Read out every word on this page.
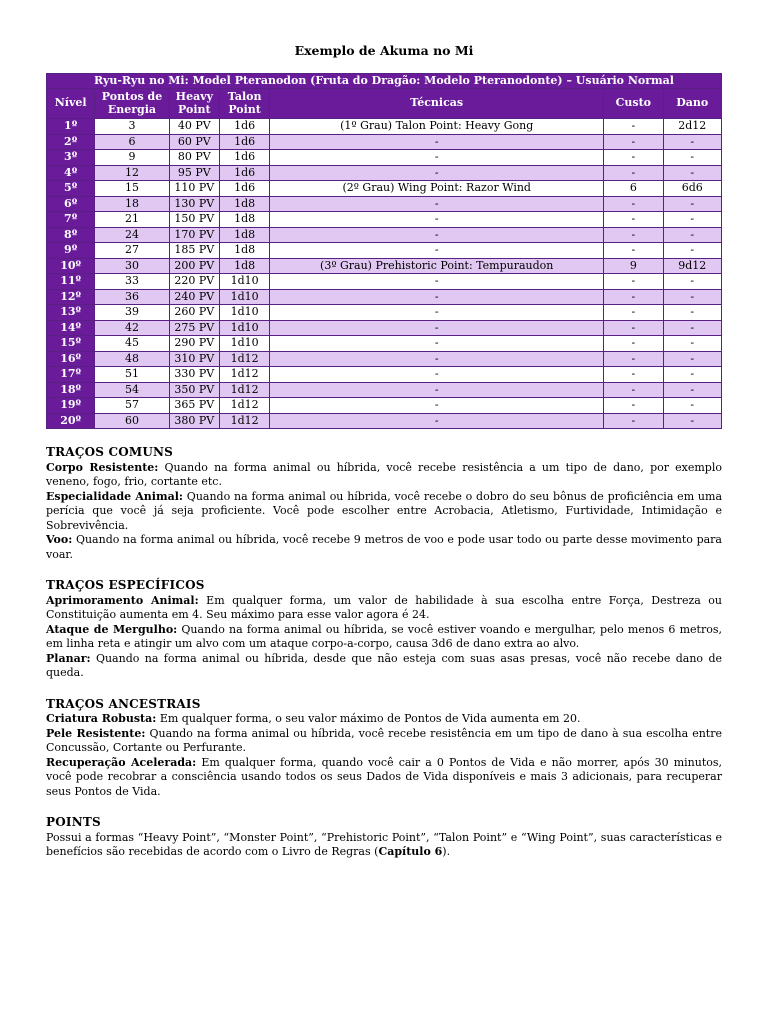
Exemplo de Akuma no Mi
Ryu-Ryu no Mi: Model Pteranodon (Fruta do Dragão: Modelo Pteranodonte) – Usuário Normal						
Nível	Pontos de Energia	Heavy Point	Talon Point	Técnicas	Custo	Dano
1º	3	40 PV	1d6	(1º Grau) Talon Point: Heavy Gong	-	2d12
2º	6	60 PV	1d6	-	-	-
3º	9	80 PV	1d6	-	-	-
4º	12	95 PV	1d6	-	-	-
5º	15	110 PV	1d6	(2º Grau) Wing Point: Razor Wind	6	6d6
6º	18	130 PV	1d8	-	-	-
7º	21	150 PV	1d8	-	-	-
8º	24	170 PV	1d8	-	-	-
9º	27	185 PV	1d8	-	-	-
10º	30	200 PV	1d8	(3º Grau) Prehistoric Point: Tempuraudon	9	9d12
11º	33	220 PV	1d10	-	-	-
12º	36	240 PV	1d10	-	-	-
13º	39	260 PV	1d10	-	-	-
14º	42	275 PV	1d10	-	-	-
15º	45	290 PV	1d10	-	-	-
16º	48	310 PV	1d12	-	-	-
17º	51	330 PV	1d12	-	-	-
18º	54	350 PV	1d12	-	-	-
19º	57	365 PV	1d12	-	-	-
20º	60	380 PV	1d12	-	-	-
TRAÇOS COMUNS

Corpo Resistente: Quando na forma animal ou híbrida, você recebe resistência a um tipo de dano, por exemplo veneno, fogo, frio, cortante etc.

Especialidade Animal: Quando na forma animal ou híbrida, você recebe o dobro do seu bônus de proficiência em uma perícia que você já seja proficiente. Você pode escolher entre Acrobacia, Atletismo, Furtividade, Intimidação e Sobrevivência.

Voo: Quando na forma animal ou híbrida, você recebe 9 metros de voo e pode usar todo ou parte desse movimento para voar.

TRAÇOS ESPECÍFICOS

Aprimoramento Animal: Em qualquer forma, um valor de habilidade à sua escolha entre Força, Destreza ou Constituição aumenta em 4. Seu máximo para esse valor agora é 24.

Ataque de Mergulho: Quando na forma animal ou híbrida, se você estiver voando e mergulhar, pelo menos 6 metros, em linha reta e atingir um alvo com um ataque corpo-a-corpo, causa 3d6 de dano extra ao alvo.

Planar: Quando na forma animal ou híbrida, desde que não esteja com suas asas presas, você não recebe dano de queda.

TRAÇOS ANCESTRAIS

Criatura Robusta: Em qualquer forma, o seu valor máximo de Pontos de Vida aumenta em 20.

Pele Resistente: Quando na forma animal ou híbrida, você recebe resistência em um tipo de dano à sua escolha entre Concussão, Cortante ou Perfurante.

Recuperação Acelerada: Em qualquer forma, quando você cair a 0 Pontos de Vida e não morrer, após 30 minutos, você pode recobrar a consciência usando todos os seus Dados de Vida disponíveis e mais 3 adicionais, para recuperar seus Pontos de Vida.

POINTS

Possui a formas “Heavy Point”, “Monster Point”, “Prehistoric Point”, “Talon Point” e “Wing Point”, suas características e benefícios são recebidas de acordo com o Livro de Regras (Capítulo 6).
